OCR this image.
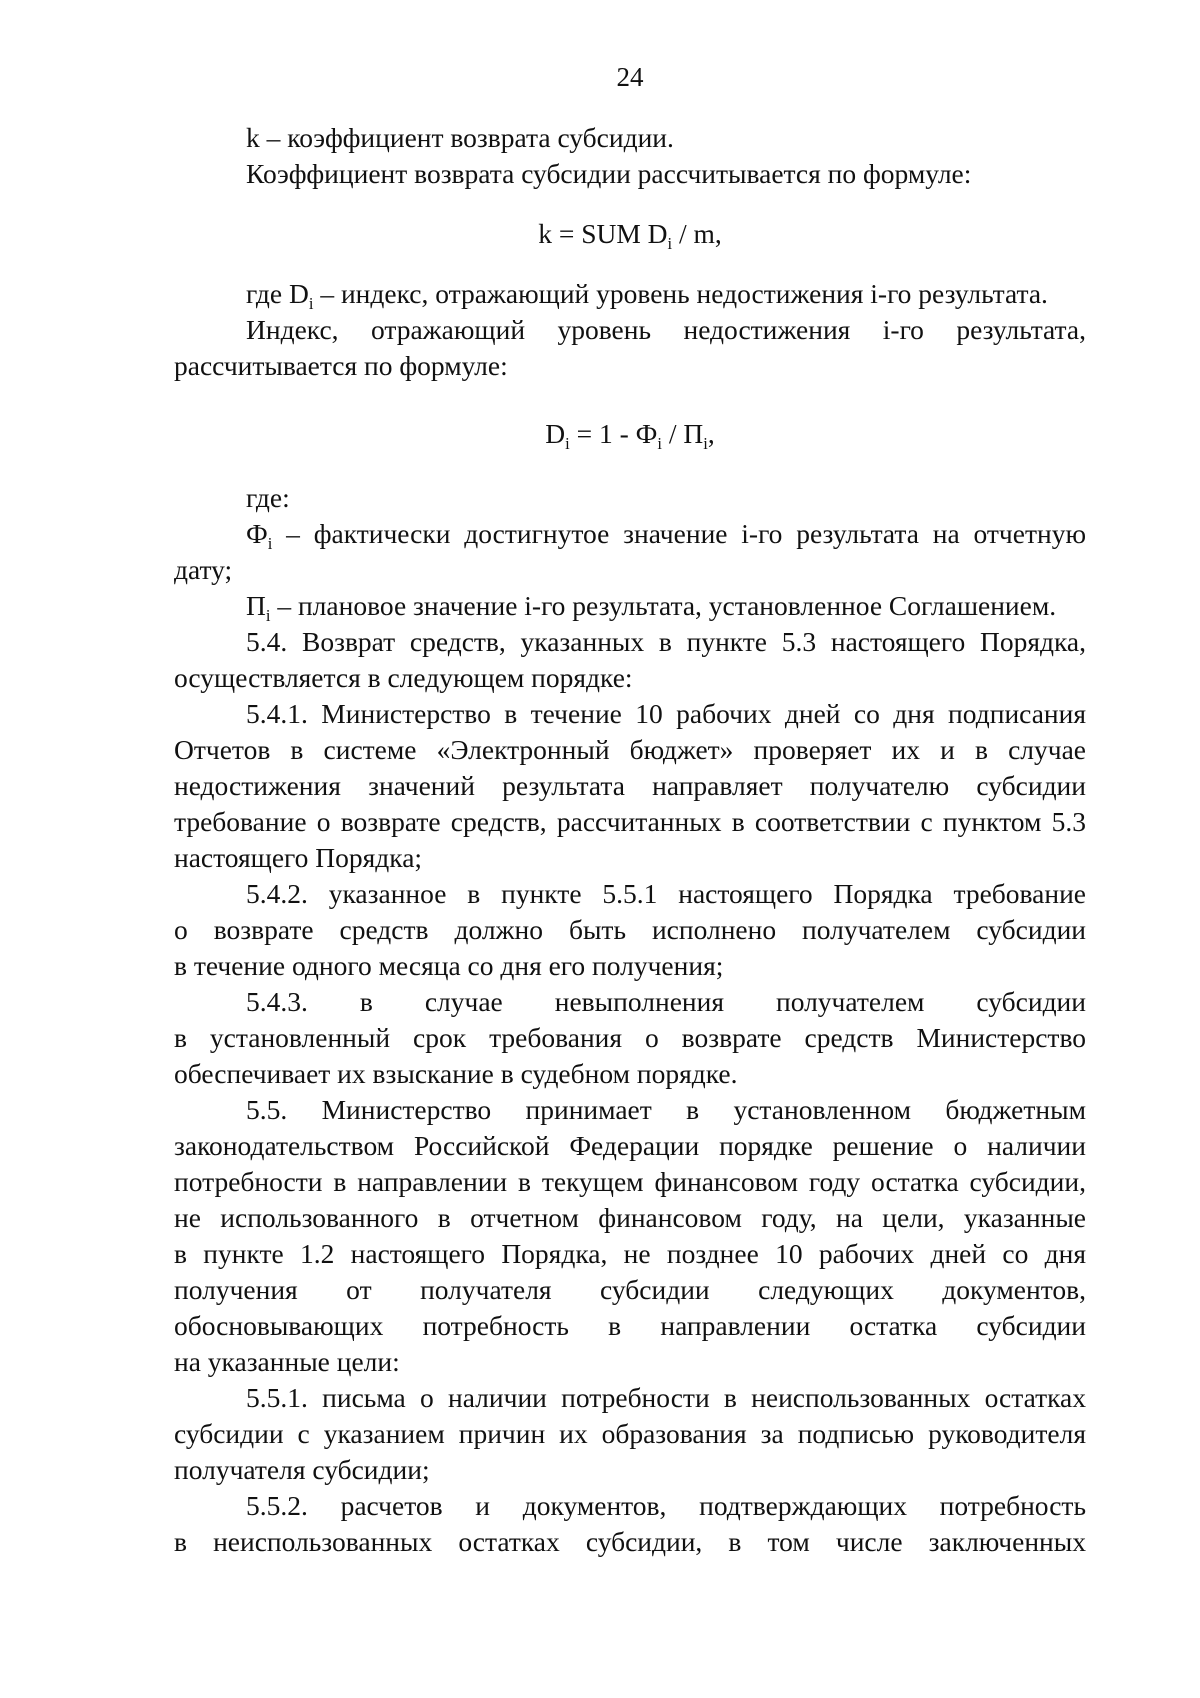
24
k – коэффициент возврата субсидии.
Коэффициент возврата субсидии рассчитывается по формуле:
k = SUM $D_i$ / m,
где $D_i$ – индекс, отражающий уровень недостижения i-го результата.
Индекс, отражающий уровень недостижения i-го результата,
рассчитывается по формуле:
$D_i = 1 - Ф_i / П_i$,
где:
$Ф_i$ – фактически достигнутое значение i-го результата на отчетную
дату;
$П_i$ – плановое значение i-го результата, установленное Соглашением.
5.4. Возврат средств, указанных в пункте 5.3 настоящего Порядка,
осуществляется в следующем порядке:
5.4.1. Министерство в течение 10 рабочих дней со дня подписания
Отчетов в системе «Электронный бюджет» проверяет их и в случае
недостижения значений результата направляет получателю субсидии
требование о возврате средств, рассчитанных в соответствии с пунктом 5.3
настоящего Порядка;
5.4.2. указанное в пункте 5.5.1 настоящего Порядка требование
о возврате средств должно быть исполнено получателем субсидии
в течение одного месяца со дня его получения;
5.4.3. в случае невыполнения получателем субсидии
в установленный срок требования о возврате средств Министерство
обеспечивает их взыскание в судебном порядке.
5.5. Министерство принимает в установленном бюджетным
законодательством Российской Федерации порядке решение о наличии
потребности в направлении в текущем финансовом году остатка субсидии,
не использованного в отчетном финансовом году, на цели, указанные
в пункте 1.2 настоящего Порядка, не позднее 10 рабочих дней со дня
получения от получателя субсидии следующих документов,
обосновывающих потребность в направлении остатка субсидии
на указанные цели:
5.5.1. письма о наличии потребности в неиспользованных остатках
субсидии с указанием причин их образования за подписью руководителя
получателя субсидии;
5.5.2. расчетов и документов, подтверждающих потребность
в неиспользованных остатках субсидии, в том числе заключенных
